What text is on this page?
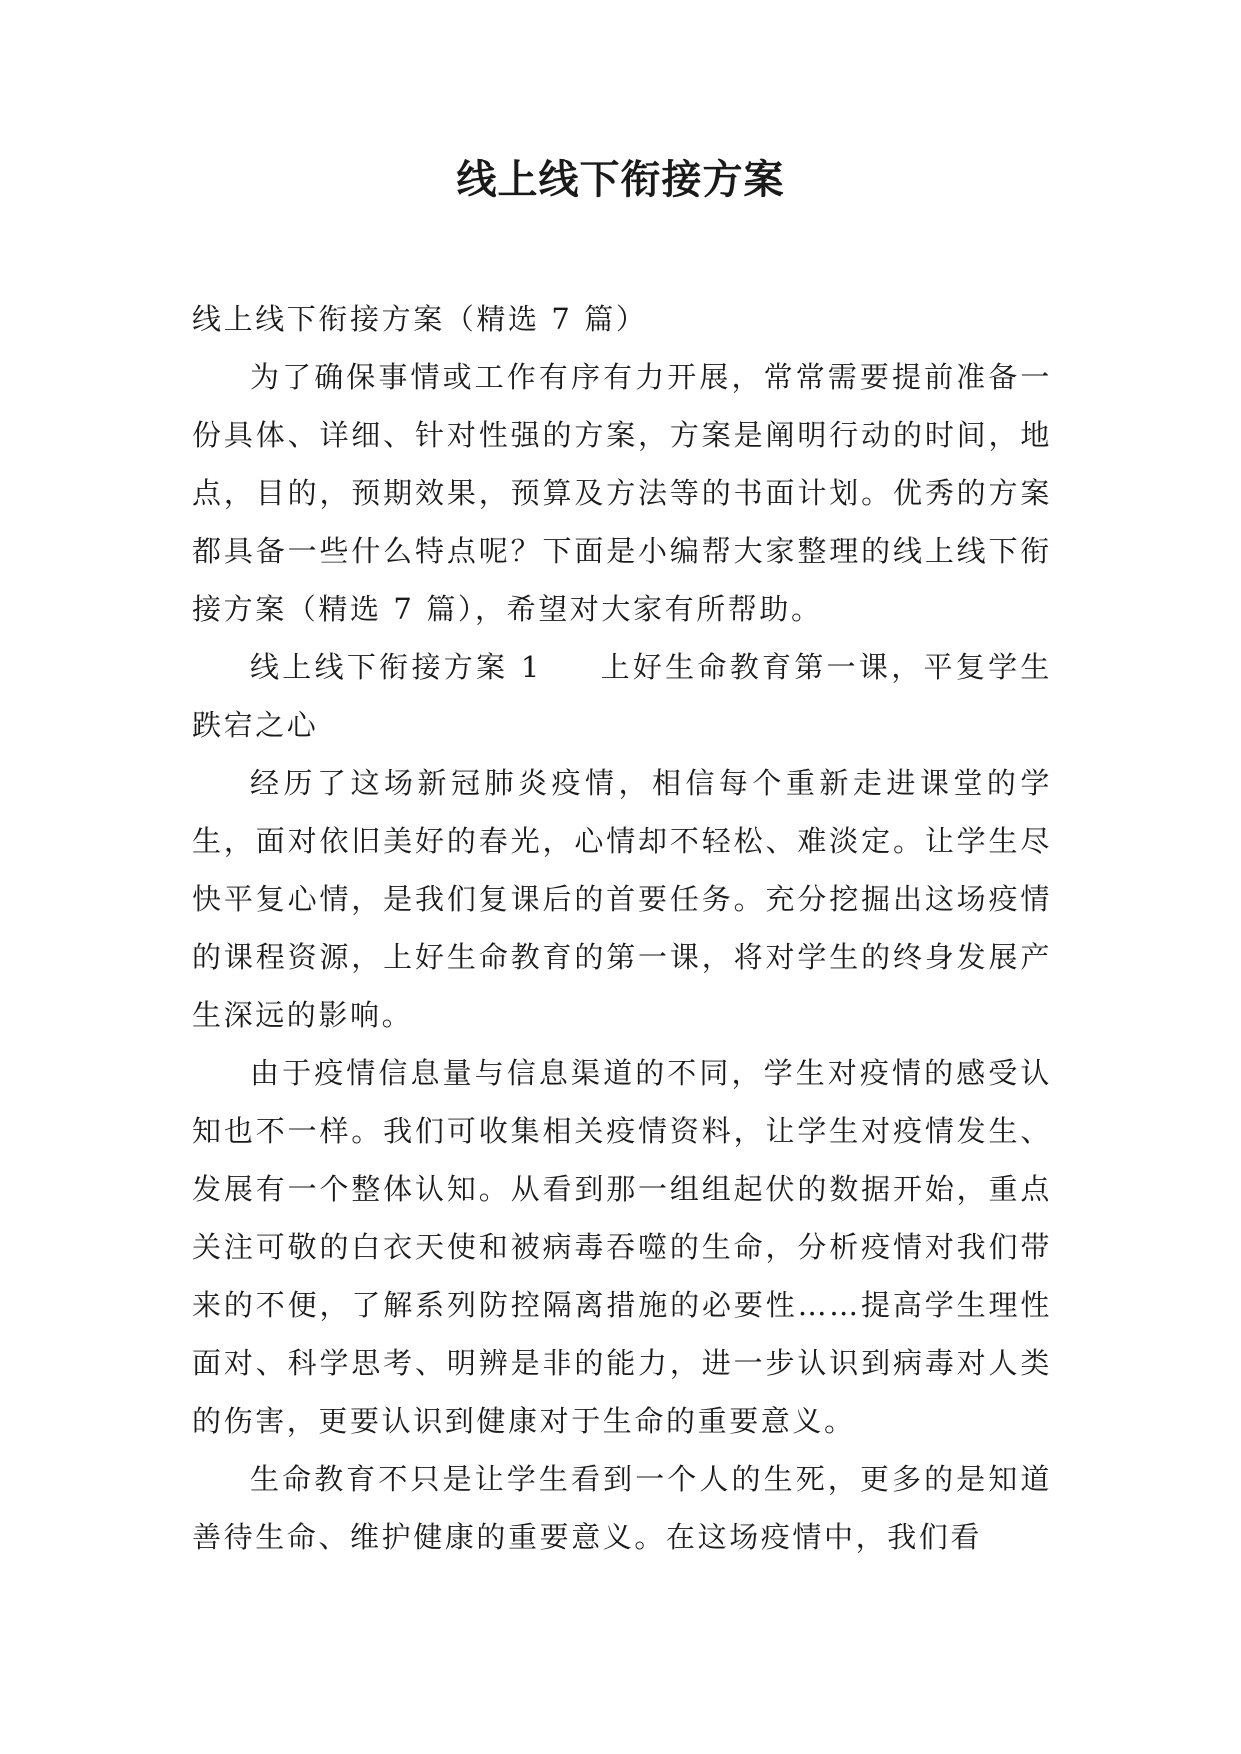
线上线下衔接方案

线上线下衔接方案（精选 7 篇）

为了确保事情或工作有序有力开展，常常需要提前准备一份具体、详细、针对性强的方案，方案是阐明行动的时间，地点，目的，预期效果，预算及方法等的书面计划。优秀的方案都具备一些什么特点呢？下面是小编帮大家整理的线上线下衔接方案（精选 7 篇），希望对大家有所帮助。

线上线下衔接方案 1 上好生命教育第一课，平复学生跌宕之心

经历了这场新冠肺炎疫情，相信每个重新走进课堂的学生，面对依旧美好的春光，心情却不轻松、难淡定。让学生尽快平复心情，是我们复课后的首要任务。充分挖掘出这场疫情的课程资源，上好生命教育的第一课，将对学生的终身发展产生深远的影响。

由于疫情信息量与信息渠道的不同，学生对疫情的感受认知也不一样。我们可收集相关疫情资料，让学生对疫情发生、发展有一个整体认知。从看到那一组组起伏的数据开始，重点关注可敬的白衣天使和被病毒吞噬的生命，分析疫情对我们带来的不便，了解系列防控隔离措施的必要性……提高学生理性面对、科学思考、明辨是非的能力，进一步认识到病毒对人类的伤害，更要认识到健康对于生命的重要意义。

生命教育不只是让学生看到一个人的生死，更多的是知道善待生命、维护健康的重要意义。在这场疫情中，我们看
